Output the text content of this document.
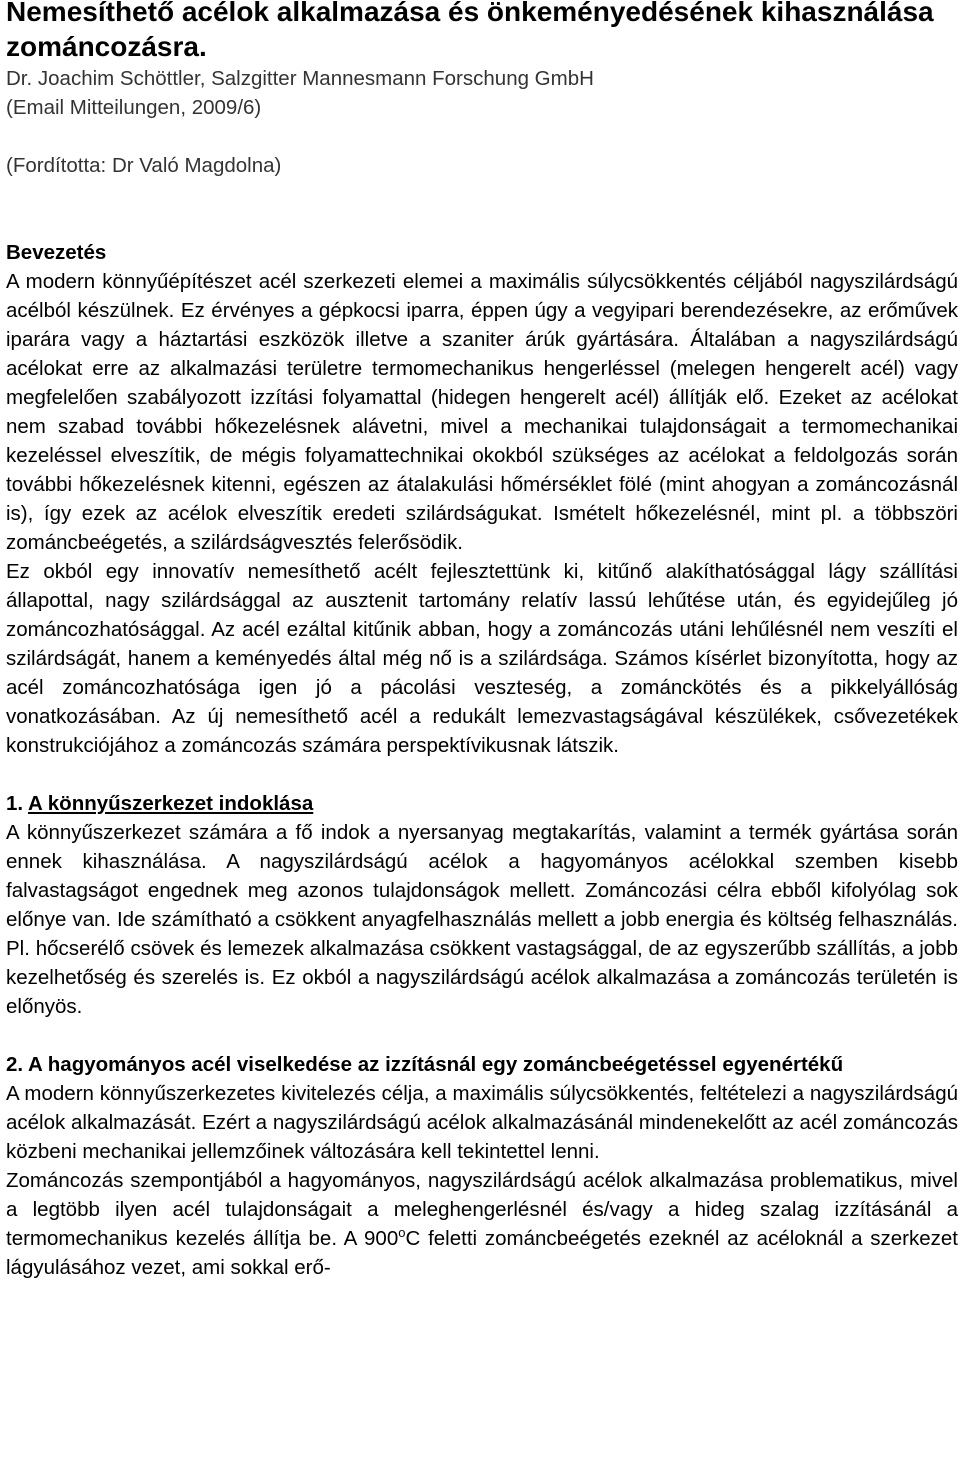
Nemesíthető acélok alkalmazása és önkeményedésének kihasználása zománcozásra.
Dr. Joachim Schöttler, Salzgitter Mannesmann Forschung GmbH
(Email Mitteilungen, 2009/6)
(Fordította: Dr Való Magdolna)
Bevezetés

A modern könnyűépítészet acél szerkezeti elemei a maximális súlycsökkentés céljából nagyszilárdságú acélból készülnek. Ez érvényes a gépkocsi iparra, éppen úgy a vegyipari berendezésekre, az erőművek iparára vagy a háztartási eszközök illetve a szaniter árúk gyártására. Általában a nagyszilárdságú acélokat erre az alkalmazási területre termomechanikus hengerléssel (melegen hengerelt acél) vagy megfelelően szabályozott izzítási folyamattal (hidegen hengerelt acél) állítják elő. Ezeket az acélokat nem szabad további hőkezelésnek alávetni, mivel a mechanikai tulajdonságait a termomechanikai kezeléssel elveszítik, de mégis folyamattechnikai okokból szükséges az acélokat a feldolgozás során további hőkezelésnek kitenni, egészen az átalakulási hőmérséklet fölé (mint ahogyan a zománcozásnál is), így ezek az acélok elveszítik eredeti szilárdságukat. Ismételt hőkezelésnél, mint pl. a többszöri zománcbeégetés, a szilárdságvesztés felerősödik.

Ez okból egy innovatív nemesíthető acélt fejlesztettünk ki, kitűnő alakíthatósággal lágy szállítási állapottal, nagy szilárdsággal az ausztenit tartomány relatív lassú lehűtése után, és egyidejűleg jó zománcozhatósággal. Az acél ezáltal kitűnik abban, hogy a zománcozás utáni lehűlésnél nem veszíti el szilárdságát, hanem a keményedés által még nő is a szilárdsága. Számos kísérlet bizonyította, hogy az acél zománcozhatósága igen jó a pácolási veszteség, a zománckötés és a pikkelyállóság vonatkozásában. Az új nemesíthető acél a redukált lemezvastagságával készülékek, csővezetékek konstrukciójához a zománcozás számára perspektívikusnak látszik.

1. A könnyűszerkezet indoklása

A könnyűszerkezet számára a fő indok a nyersanyag megtakarítás, valamint a termék gyártása során ennek kihasználása. A nagyszilárdságú acélok a hagyományos acélokkal szemben kisebb falvastagságot engednek meg azonos tulajdonságok mellett. Zománcozási célra ebből kifolyólag sok előnye van. Ide számítható a csökkent anyagfelhasználás mellett a jobb energia és költség felhasználás. Pl. hőcserélő csövek és lemezek alkalmazása csökkent vastagsággal, de az egyszerűbb szállítás, a jobb kezelhetőség és szerelés is. Ez okból a nagyszilárdságú acélok alkalmazása a zománcozás területén is előnyös.

2. A hagyományos acél viselkedése az izzításnál egy zománcbeégetéssel egyenértékű

A modern könnyűszerkezetes kivitelezés célja, a maximális súlycsökkentés, feltételezi a nagyszilárdságú acélok alkalmazását. Ezért a nagyszilárdságú acélok alkalmazásánál mindenekelőtt az acél zománcozás közbeni mechanikai jellemzőinek változására kell tekintettel lenni.

Zománcozás szempontjából a hagyományos, nagyszilárdságú acélok alkalmazása problematikus, mivel a legtöbb ilyen acél tulajdonságait a meleghengerlésnél és/vagy a hideg szalag izzításánál a termomechanikus kezelés állítja be. A 900$^o$C feletti zománcbeégetés ezeknél az acéloknál a szerkezet lágyulásához vezet, ami sokkal erő-
